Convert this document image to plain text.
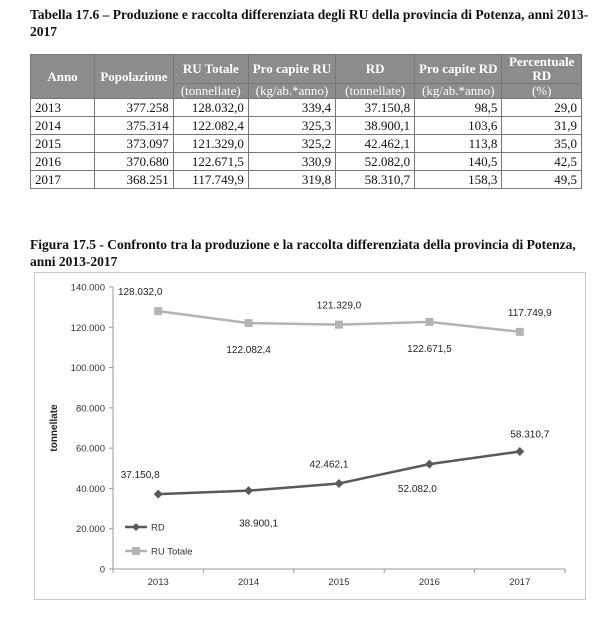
Tabella 17.6 – Produzione e raccolta differenziata degli RU della provincia di Potenza, anni 2013-2017
Anno	Popolazione	RU Totale	Pro capite RU	RD	Pro capite RD	Percentuale RD
		(tonnellate)	(kg/ab.*anno)	(tonnellate)	(kg/ab.*anno)	(%)
2013	377.258	128.032,0	339,4	37.150,8	98,5	29,0
2014	375.314	122.082,4	325,3	38.900,1	103,6	31,9
2015	373.097	121.329,0	325,2	42.462,1	113,8	35,0
2016	370.680	122.671,5	330,9	52.082,0	140,5	42,5
2017	368.251	117.749,9	319,8	58.310,7	158,3	49,5
Figura 17.5 - Confronto tra la produzione e la raccolta differenziata della provincia di Potenza, anni 2013-2017
0
20.000
40.000
60.000
80.000
100.000
120.000
140.000
2013	2014	2015	2016	2017
tonnellate
37.150,8
38.900,1
42.462,1
52.082,0
58.310,7
128.032,0
122.082,4
121.329,0
122.671,5
117.749,9
RD
RU Totale
